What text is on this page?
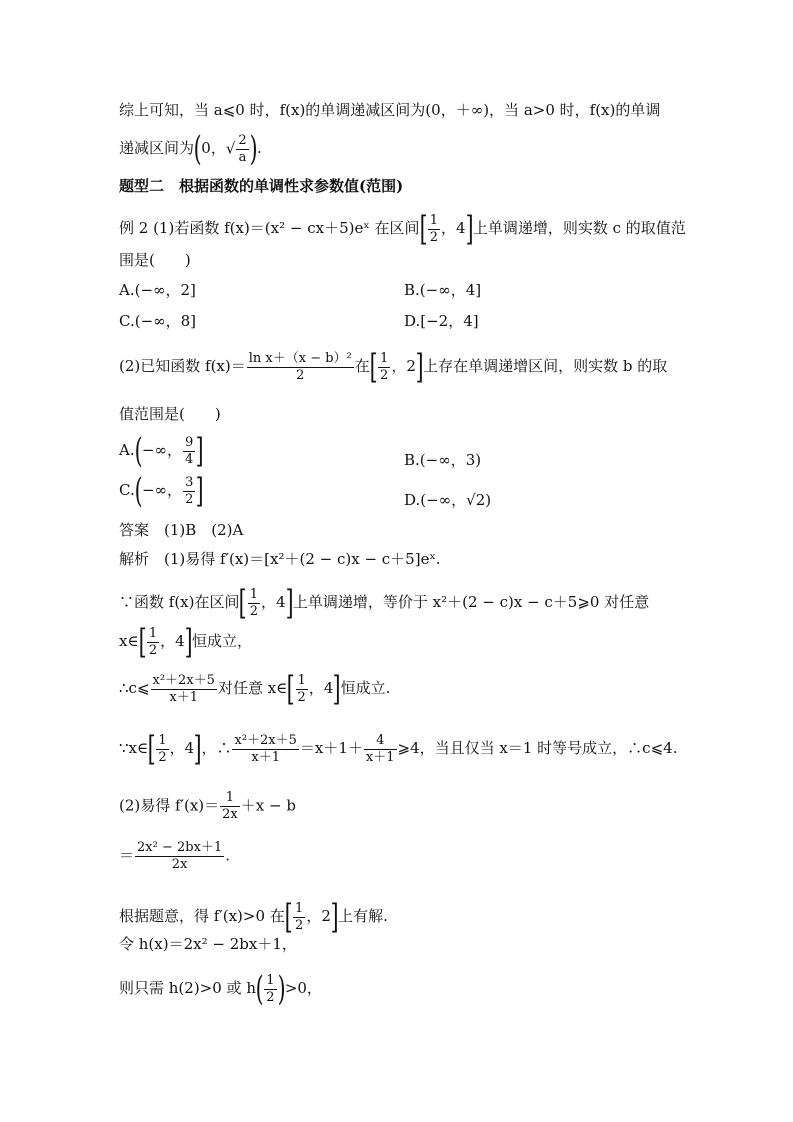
综上可知，当 a⩽0 时，f(x)的单调递减区间为(0，＋∞)，当 a>0 时，f(x)的单调
递减区间为(0，√ $\frac{2}{a}$ ).
题型二　根据函数的单调性求参数值(范围)
例 2 (1)若函数 f(x)＝(x² − cx＋5)eˣ 在区间[ $\frac{1}{2}$ ，4]上单调递增，则实数 c 的取值范
围是(　　)
A.(−∞，2]	B.(−∞，4]
C.(−∞，8]	D.[−2，4]
(2)已知函数 $f(x)= \frac{\text{ln x＋（x − b）²}}{2}$ 在[ $\frac{1}{2}$ ，2]上存在单调递增区间，则实数 b 的取
值范围是(　　)
A.(−∞， $\frac{9}{4}$ ]	B.(−∞，3)
C.(−∞， $\frac{3}{2}$ ]	D.(−∞，√2)
答案　(1)B　(2)A
解析　(1)易得 f′(x)＝[x²＋(2 − c)x − c＋5]eˣ.
∵函数 f(x)在区间[ $\frac{1}{2}$ ，4]上单调递增，等价于 x²＋(2 − c)x − c＋5⩾0 对任意
x∈[ $\frac{1}{2}$ ，4]恒成立，
∴c⩽ $\frac{\text{x²＋2x＋5}}{x+1}$ 对任意 x∈[ $\frac{1}{2}$ ，4]恒成立.
∵x∈[ $\frac{1}{2}$ ，4]，∴ $\frac{\text{x²＋2x＋5}}{x+1} =x+1+ \frac{4}{x+1}$ ⩾4，当且仅当 x＝1 时等号成立，∴c⩽4.
(2)易得 $f'(x)= \frac{1}{2x} +x - b$
＝ $\frac{\text{2x² − 2bx＋1}}{2x}$ .
根据题意，得 f′(x)>0 在[ $\frac{1}{2}$ ，2]上有解.
令 h(x)＝2x² − 2bx＋1，
则只需 h(2)>0 或 $h( \frac{1}{2} )>0$，
